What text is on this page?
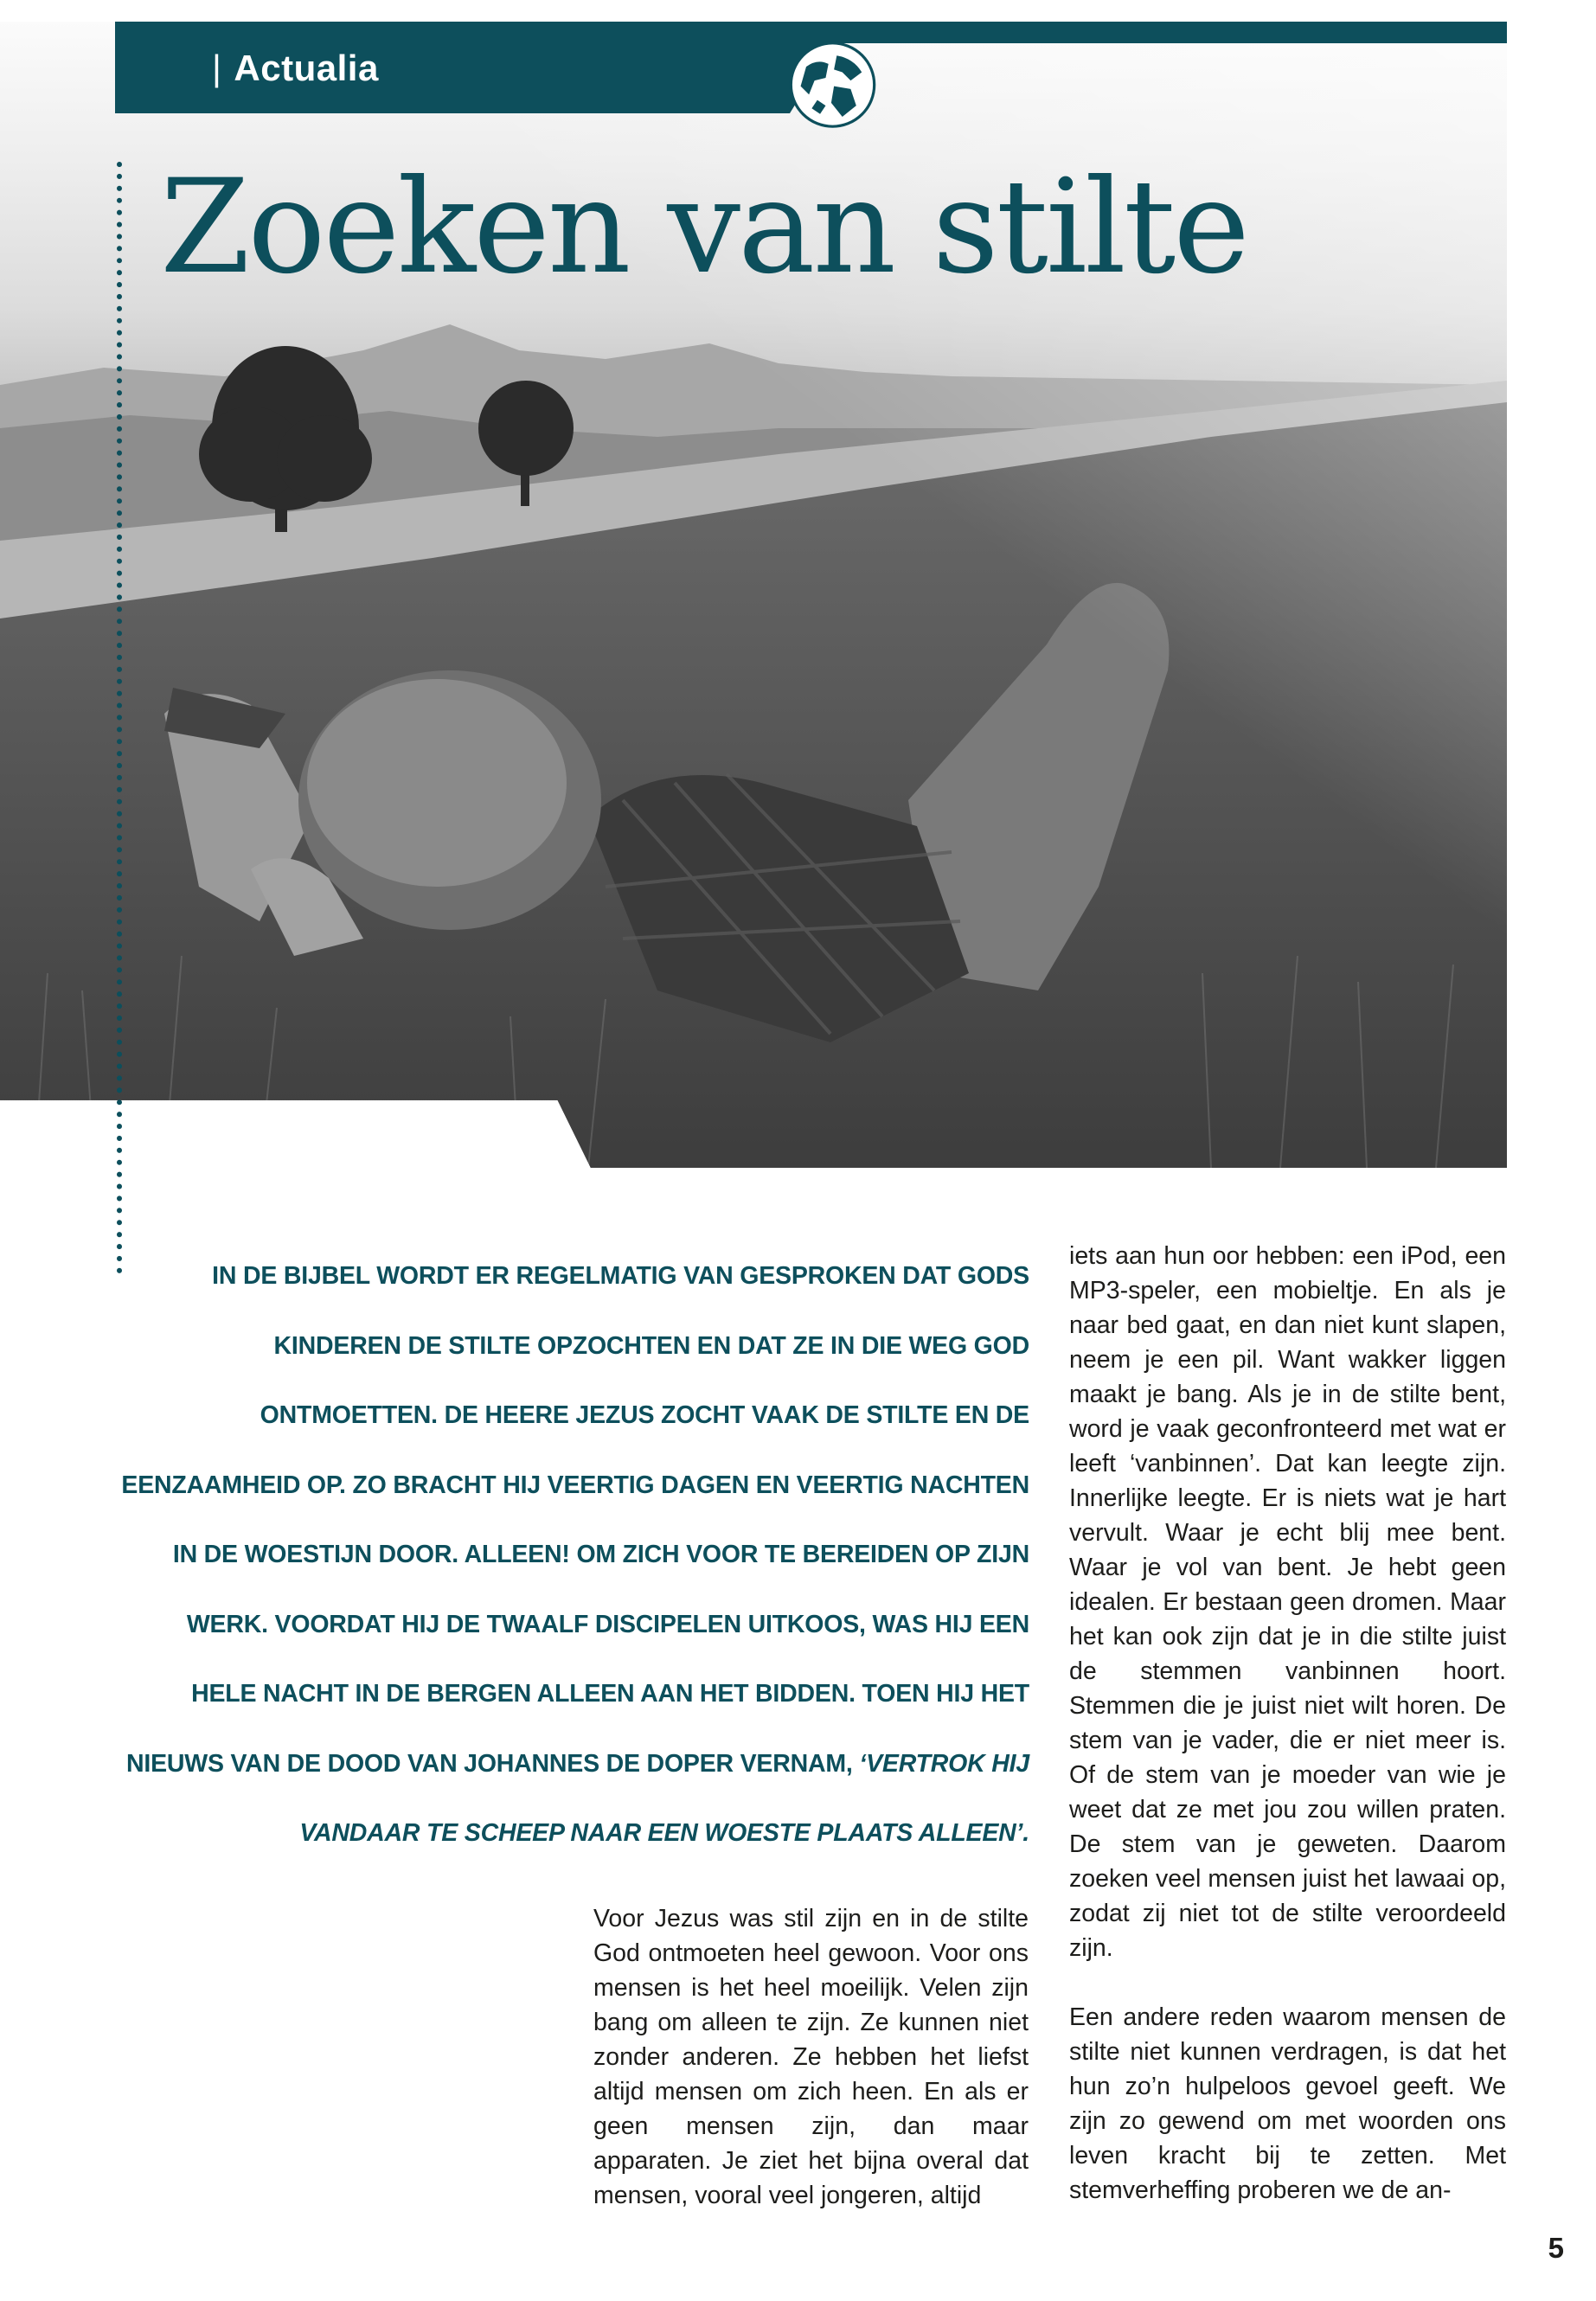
| Actualia
Zoeken van stilte
IN DE BIJBEL WORDT ER REGELMATIG VAN GESPROKEN DAT GODS KINDEREN DE STILTE OPZOCHTEN EN DAT ZE IN DIE WEG GOD ONTMOETTEN. DE HEERE JEZUS ZOCHT VAAK DE STILTE EN DE EENZAAMHEID OP. ZO BRACHT HIJ VEERTIG DAGEN EN VEERTIG NACHTEN IN DE WOESTIJN DOOR. ALLEEN! OM ZICH VOOR TE BEREIDEN OP ZIJN WERK. VOORDAT HIJ DE TWAALF DISCIPELEN UITKOOS, WAS HIJ EEN HELE NACHT IN DE BERGEN ALLEEN AAN HET BIDDEN. TOEN HIJ HET NIEUWS VAN DE DOOD VAN JOHANNES DE DOPER VERNAM, ‘VERTROK HIJ VANDAAR TE SCHEEP NAAR EEN WOESTE PLAATS ALLEEN’.

Voor Jezus was stil zijn en in de stilte God ontmoeten heel gewoon. Voor ons mensen is het heel moeilijk. Velen zijn bang om alleen te zijn. Ze kunnen niet zonder anderen. Ze hebben het liefst altijd mensen om zich heen. En als er geen mensen zijn, dan maar apparaten. Je ziet het bijna overal dat mensen, vooral veel jongeren, altijd

iets aan hun oor hebben: een iPod, een MP3-speler, een mobieltje. En als je naar bed gaat, en dan niet kunt slapen, neem je een pil. Want wakker liggen maakt je bang. Als je in de stilte bent, word je vaak geconfronteerd met wat er leeft ‘vanbinnen’. Dat kan leegte zijn. Innerlijke leegte. Er is niets wat je hart vervult. Waar je echt blij mee bent. Waar je vol van bent. Je hebt geen idealen. Er bestaan geen dromen. Maar het kan ook zijn dat je in die stilte juist de stemmen vanbinnen hoort. Stemmen die je juist niet wilt horen. De stem van je vader, die er niet meer is. Of de stem van je moeder van wie je weet dat ze met jou zou willen praten. De stem van je geweten. Daarom zoeken veel mensen juist het lawaai op, zodat zij niet tot de stilte veroordeeld zijn.

Een andere reden waarom mensen de stilte niet kunnen verdragen, is dat het hun zo’n hulpeloos gevoel geeft. We zijn zo gewend om met woorden ons leven kracht bij te zetten. Met stemverheffing proberen we de an-

5
